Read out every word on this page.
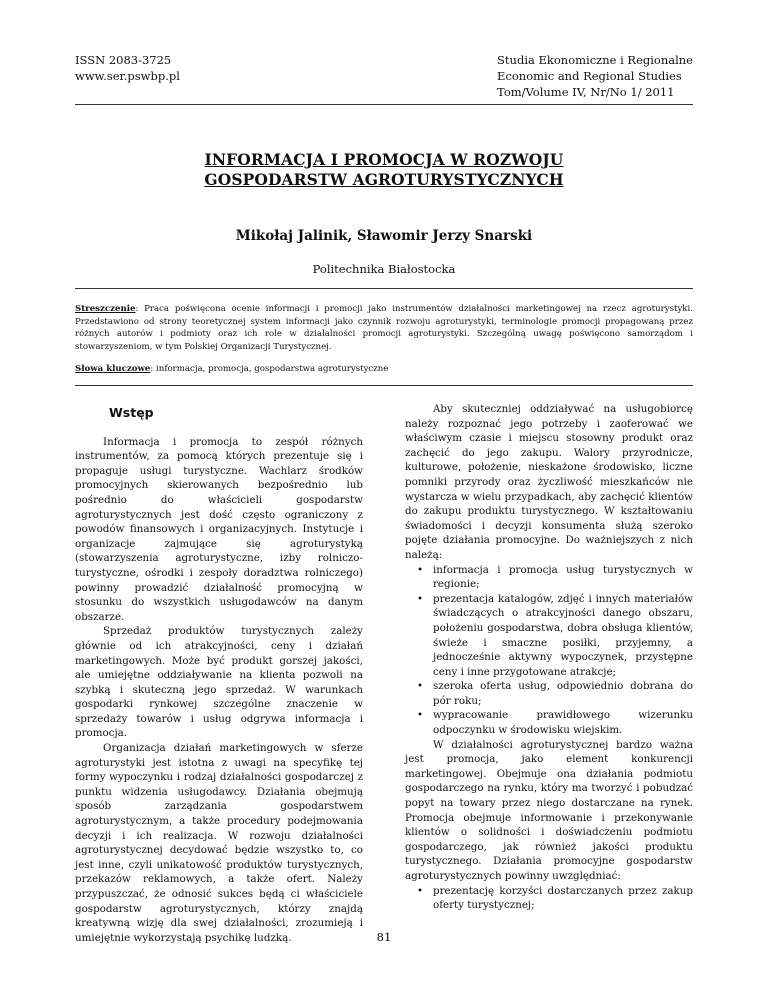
ISSN 2083-3725
www.ser.pswbp.pl
Studia Ekonomiczne i Regionalne
Economic and Regional Studies
Tom/Volume IV, Nr/No 1/ 2011
INFORMACJA I PROMOCJA W ROZWOJU
GOSPODARSTW AGROTURYSTYCZNYCH
Mikołaj Jalinik, Sławomir Jerzy Snarski
Politechnika Białostocka
Streszczenie: Praca poświęcona ocenie informacji i promocji jako instrumentów działalności marketingowej na rzecz agroturystyki. Przedstawiono od strony teoretycznej system informacji jako czynnik rozwoju agroturystyki, terminologie promocji propagowaną przez różnych autorów i podmioty oraz ich role w działalności promocji agroturystyki. Szczególną uwagę poświęcono samorządom i stowarzyszeniom, w tym Polskiej Organizacji Turystycznej.
Słowa kluczowe: informacja, promocja, gospodarstwa agroturystyczne
Wstęp

Informacja i promocja to zespół różnych instrumentów, za pomocą których prezentuje się i propaguje usługi turystyczne. Wachlarz środków promocyjnych skierowanych bezpośrednio lub pośrednio do właścicieli gospodarstw agroturystycznych jest dość często ograniczony z powodów finansowych i organizacyjnych. Instytucje i organizacje zajmujące się agroturystyką (stowarzyszenia agroturystyczne, izby rolniczo-turystyczne, ośrodki i zespoły doradztwa rolniczego) powinny prowadzić działalność promocyjną w stosunku do wszystkich usługodawców na danym obszarze.

Sprzedaż produktów turystycznych zależy głównie od ich atrakcyjności, ceny i działań marketingowych. Może być produkt gorszej jakości, ale umiejętne oddziaływanie na klienta pozwoli na szybką i skuteczną jego sprzedaż. W warunkach gospodarki rynkowej szczególne znaczenie w sprzedaży towarów i usług odgrywa informacja i promocja.

Organizacja działań marketingowych w sferze agroturystyki jest istotna z uwagi na specyfikę tej formy wypoczynku i rodzaj działalności gospodarczej z punktu widzenia usługodawcy. Działania obejmują sposób zarządzania gospodarstwem agroturystycznym, a także procedury podejmowania decyzji i ich realizacja. W rozwoju działalności agroturystycznej decydować będzie wszystko to, co jest inne, czyli unikatowość produktów turystycznych, przekazów reklamowych, a także ofert. Należy przypuszczać, że odnosić sukces będą ci właściciele gospodarstw agroturystycznych, którzy znajdą kreatywną wizję dla swej działalności, zrozumieją i umiejętnie wykorzystają psychikę ludzką.

Aby skuteczniej oddziaływać na usługobiorcę należy rozpoznać jego potrzeby i zaoferować we właściwym czasie i miejscu stosowny produkt oraz zachęcić do jego zakupu. Walory przyrodnicze, kulturowe, położenie, nieskażone środowisko, liczne pomniki przyrody oraz życzliwość mieszkańców nie wystarcza w wielu przypadkach, aby zachęcić klientów do zakupu produktu turystycznego. W kształtowaniu świadomości i decyzji konsumenta służą szeroko pojęte działania promocyjne. Do ważniejszych z nich należą:

• informacja i promocja usług turystycznych w regionie;
• prezentacja katalogów, zdjęć i innych materiałów świadczących o atrakcyjności danego obszaru, położeniu gospodarstwa, dobra obsługa klientów, świeże i smaczne posiłki, przyjemny, a jednocześnie aktywny wypoczynek, przystępne ceny i inne przygotowane atrakcje;
• szeroka oferta usług, odpowiednio dobrana do pór roku;
• wypracowanie prawidłowego wizerunku odpoczynku w środowisku wiejskim.

W działalności agroturystycznej bardzo ważna jest promocja, jako element konkurencji marketingowej. Obejmuje ona działania podmiotu gospodarczego na rynku, który ma tworzyć i pobudzać popyt na towary przez niego dostarczane na rynek. Promocja obejmuje informowanie i przekonywanie klientów o solidności i doświadczeniu podmiotu gospodarczego, jak również jakości produktu turystycznego. Działania promocyjne gospodarstw agroturystycznych powinny uwzględniać:

• prezentację korzyści dostarczanych przez zakup oferty turystycznej;
81
